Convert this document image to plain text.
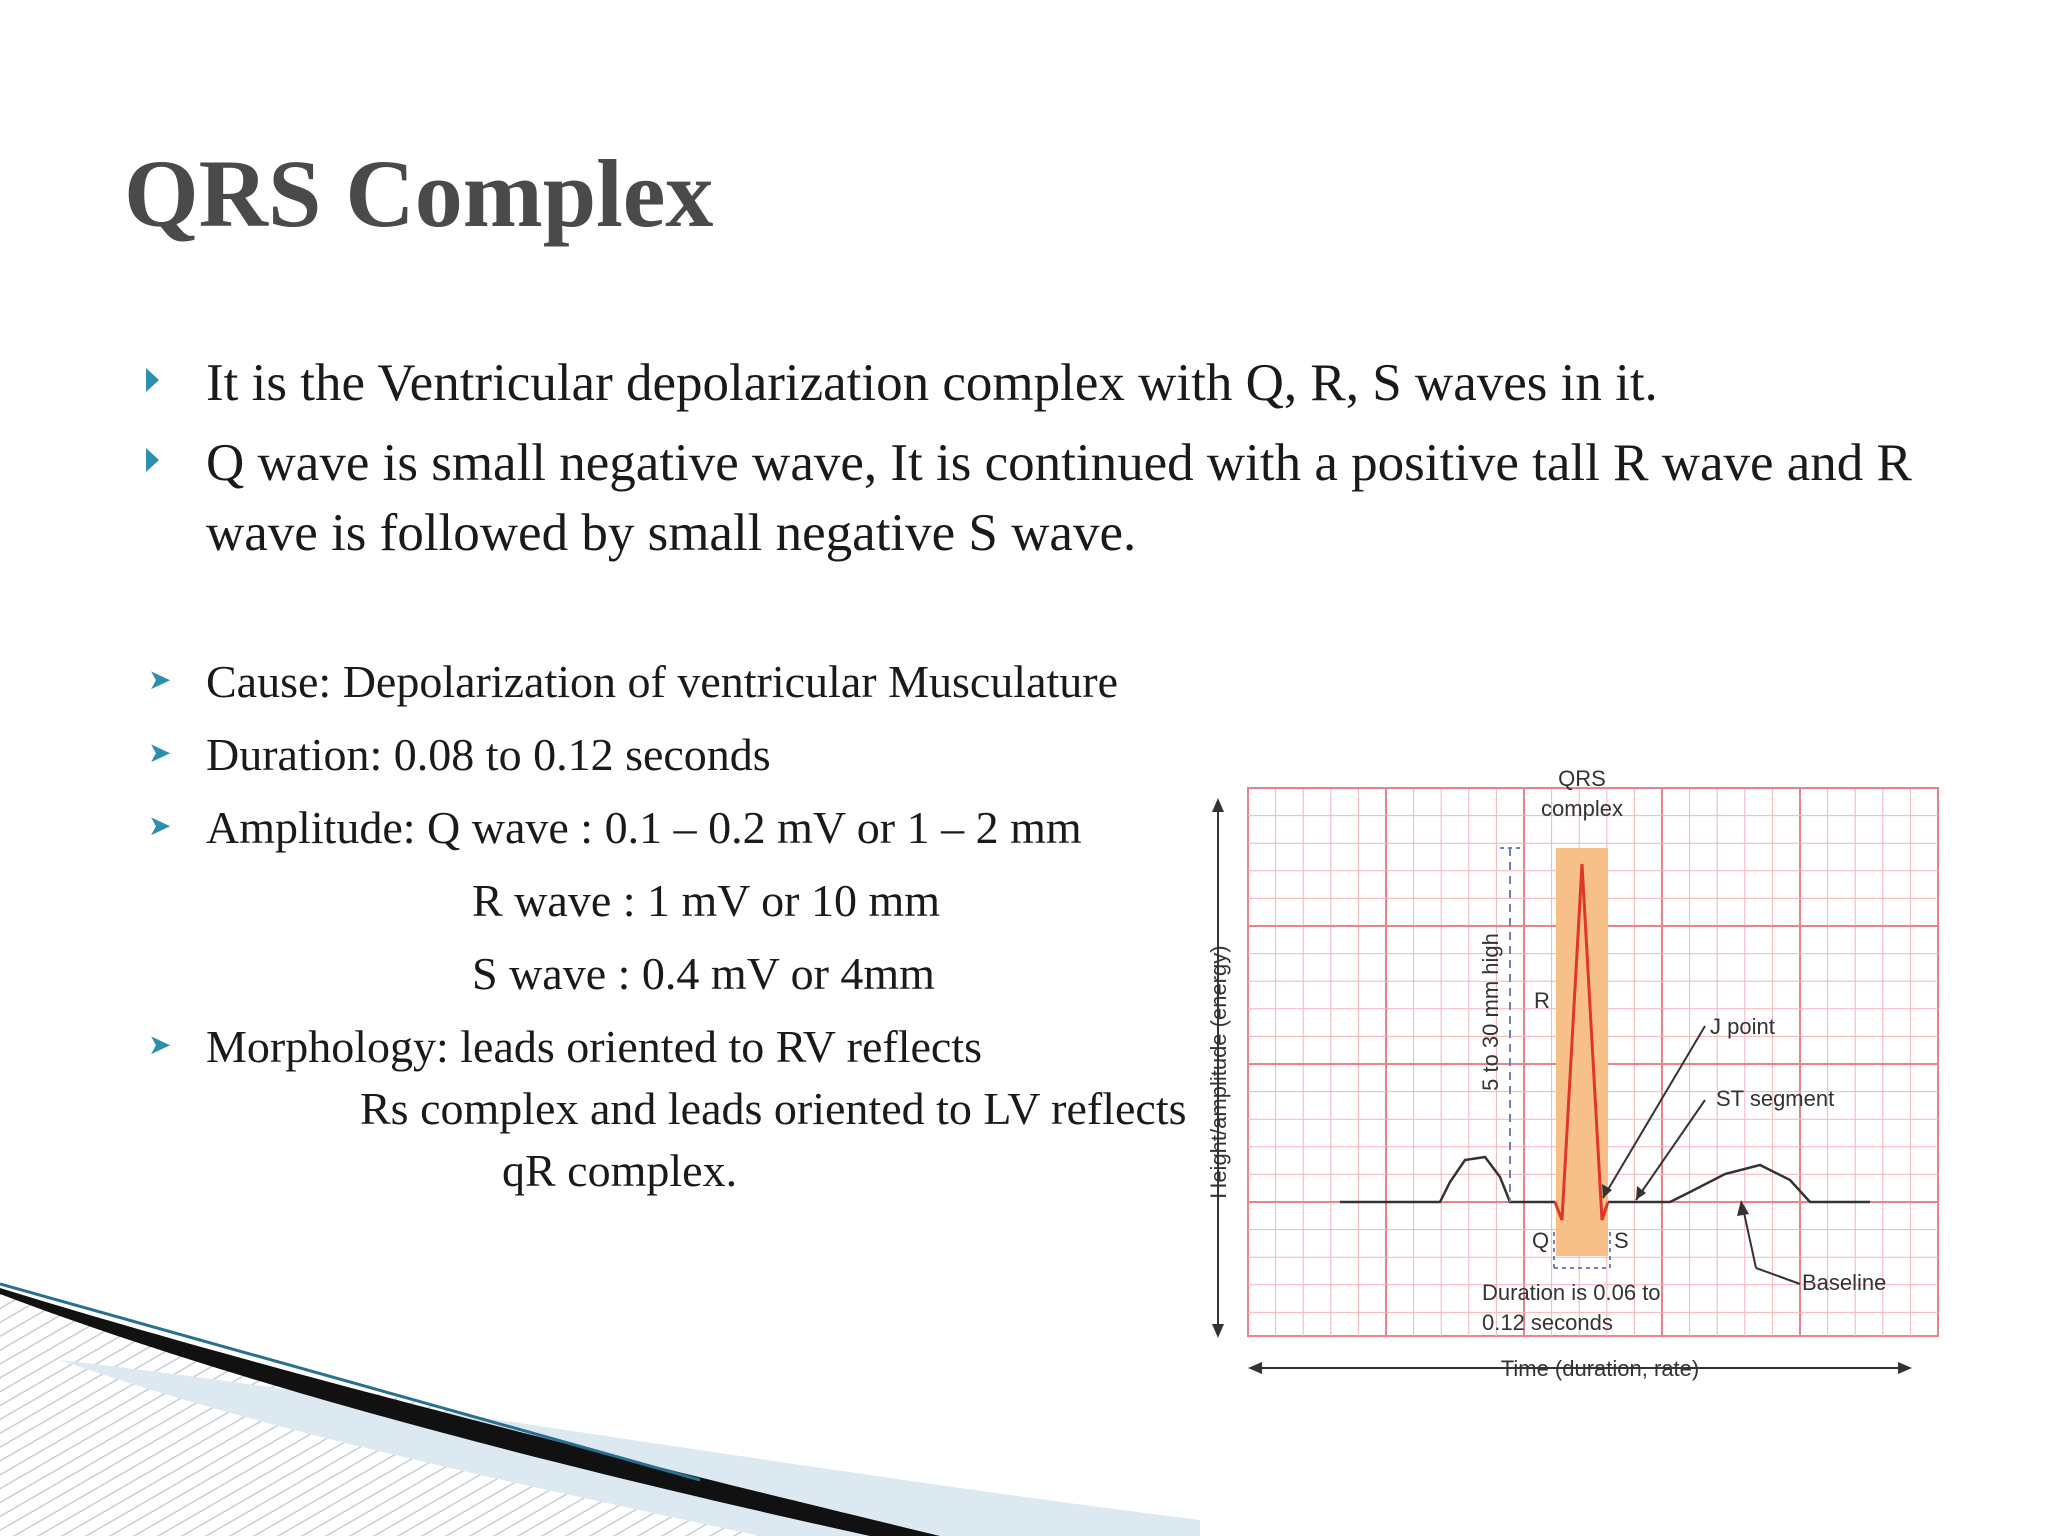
QRS Complex
It is the Ventricular depolarization complex with Q, R, S waves in it.
Q wave is small negative wave, It is continued with a positive tall R wave and R wave is followed by small negative S wave.
➤ Cause: Depolarization of ventricular Musculature
➤ Duration: 0.08 to 0.12 seconds
➤ Amplitude: Q wave : 0.1 – 0.2 mV or 1 – 2 mm
R wave : 1 mV or 10 mm
S wave : 0.4 mV or 4mm
➤ Morphology: leads oriented to RV reflects
Rs complex and leads oriented to LV reflects
qR complex.
QRS
complex
R
Q	S
J point
ST segment
Baseline
Duration is 0.06 to
0.12 seconds
Time (duration, rate)
Height/amplitude (energy)	5 to 30 mm high
